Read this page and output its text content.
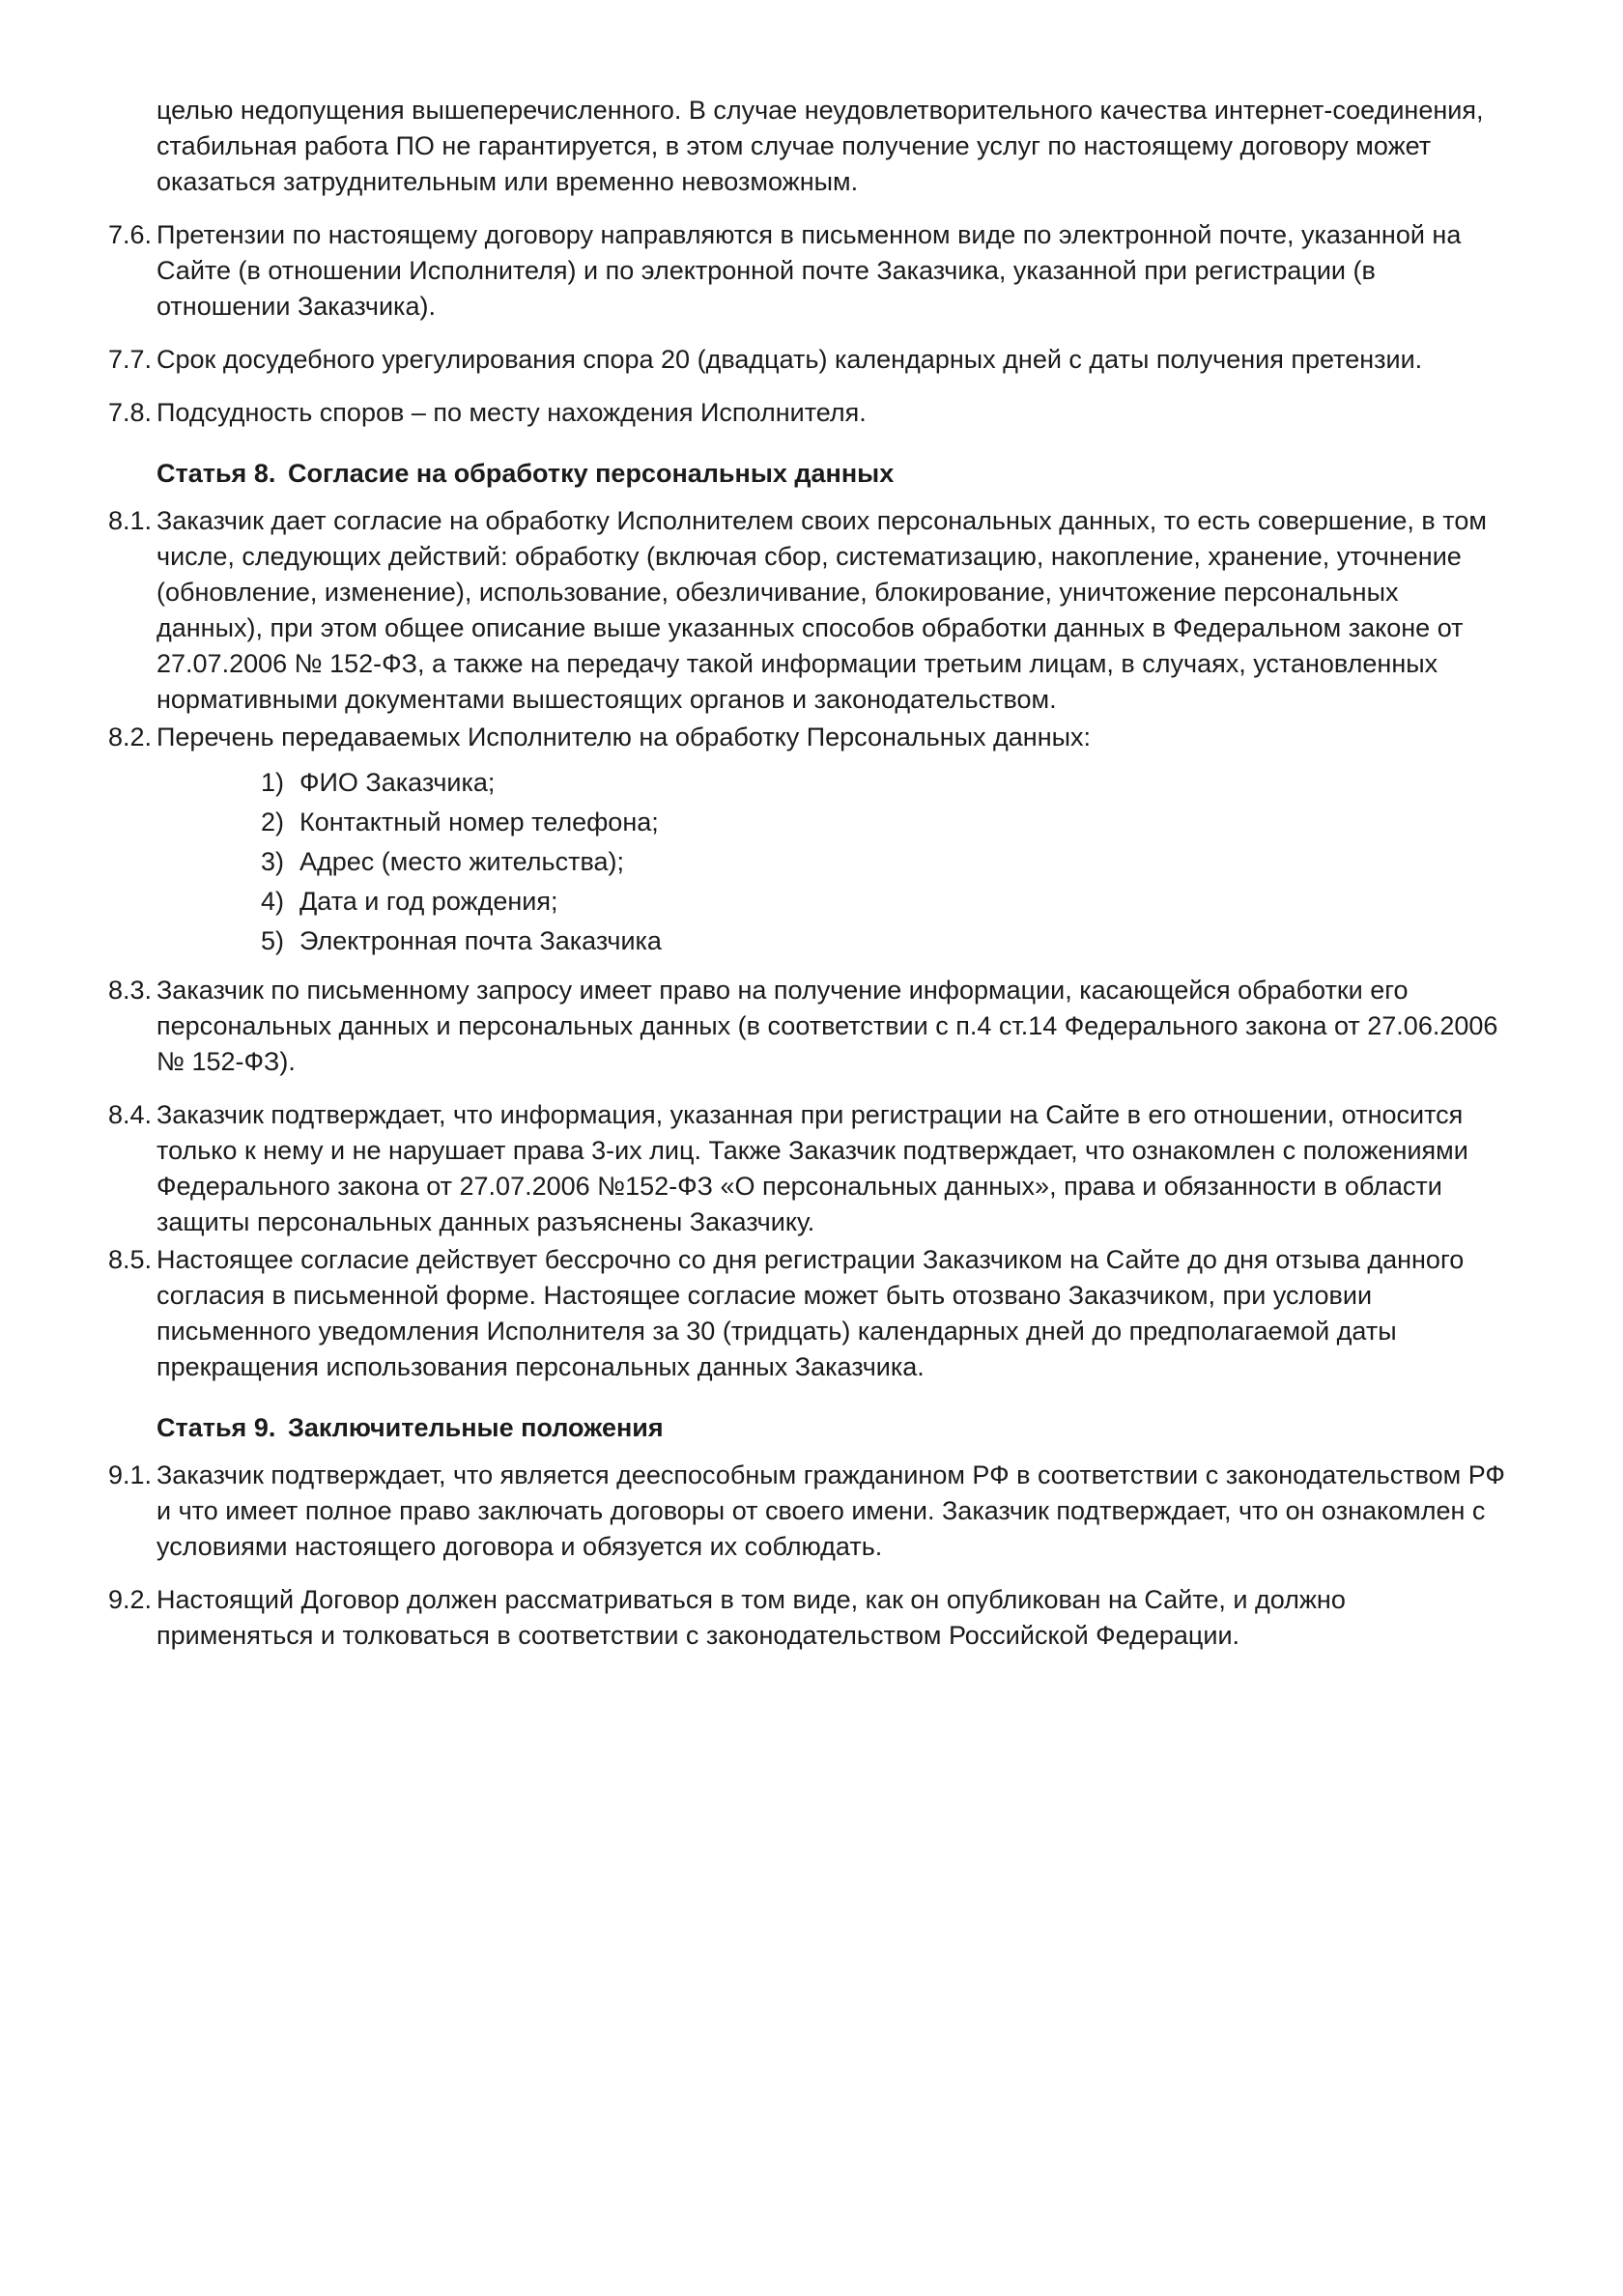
целью недопущения вышеперечисленного. В случае неудовлетворительного качества интернет-соединения, стабильная работа ПО не гарантируется, в этом случае получение услуг по настоящему договору может оказаться затруднительным или временно невозможным.

7.6. Претензии по настоящему договору направляются в письменном виде по электронной почте, указанной на Сайте (в отношении Исполнителя) и по электронной почте Заказчика, указанной при регистрации (в отношении Заказчика).
7.7. Срок досудебного урегулирования спора 20 (двадцать) календарных дней с даты получения претензии.
7.8. Подсудность споров – по месту нахождения Исполнителя.
Статья 8. Согласие на обработку персональных данных
8.1. Заказчик дает согласие на обработку Исполнителем своих персональных данных, то есть совершение, в том числе, следующих действий: обработку (включая сбор, систематизацию, накопление, хранение, уточнение (обновление, изменение), использование, обезличивание, блокирование, уничтожение персональных данных), при этом общее описание выше указанных способов обработки данных в Федеральном законе от 27.07.2006 № 152-ФЗ, а также на передачу такой информации третьим лицам, в случаях, установленных нормативными документами вышестоящих органов и законодательством.
8.2. Перечень передаваемых Исполнителю на обработку Персональных данных:
1) ФИО Заказчика;
2) Контактный номер телефона;
3) Адрес (место жительства);
4) Дата и год рождения;
5) Электронная почта Заказчика
8.3. Заказчик по письменному запросу имеет право на получение информации, касающейся обработки его персональных данных и персональных данных (в соответствии с п.4 ст.14 Федерального закона от 27.06.2006 № 152-ФЗ).
8.4. Заказчик подтверждает, что информация, указанная при регистрации на Сайте в его отношении, относится только к нему и не нарушает права 3-их лиц. Также Заказчик подтверждает, что ознакомлен с положениями Федерального закона от 27.07.2006 №152-ФЗ «О персональных данных», права и обязанности в области защиты персональных данных разъяснены Заказчику.
8.5. Настоящее согласие действует бессрочно со дня регистрации Заказчиком на Сайте до дня отзыва данного согласия в письменной форме. Настоящее согласие может быть отозвано Заказчиком, при условии письменного уведомления Исполнителя за 30 (тридцать) календарных дней до предполагаемой даты прекращения использования персональных данных Заказчика.
Статья 9. Заключительные положения
9.1. Заказчик подтверждает, что является дееспособным гражданином РФ в соответствии с законодательством РФ и что имеет полное право заключать договоры от своего имени. Заказчик подтверждает, что он ознакомлен с условиями настоящего договора и обязуется их соблюдать.
9.2. Настоящий Договор должен рассматриваться в том виде, как он опубликован на Сайте, и должно применяться и толковаться в соответствии с законодательством Российской Федерации.
